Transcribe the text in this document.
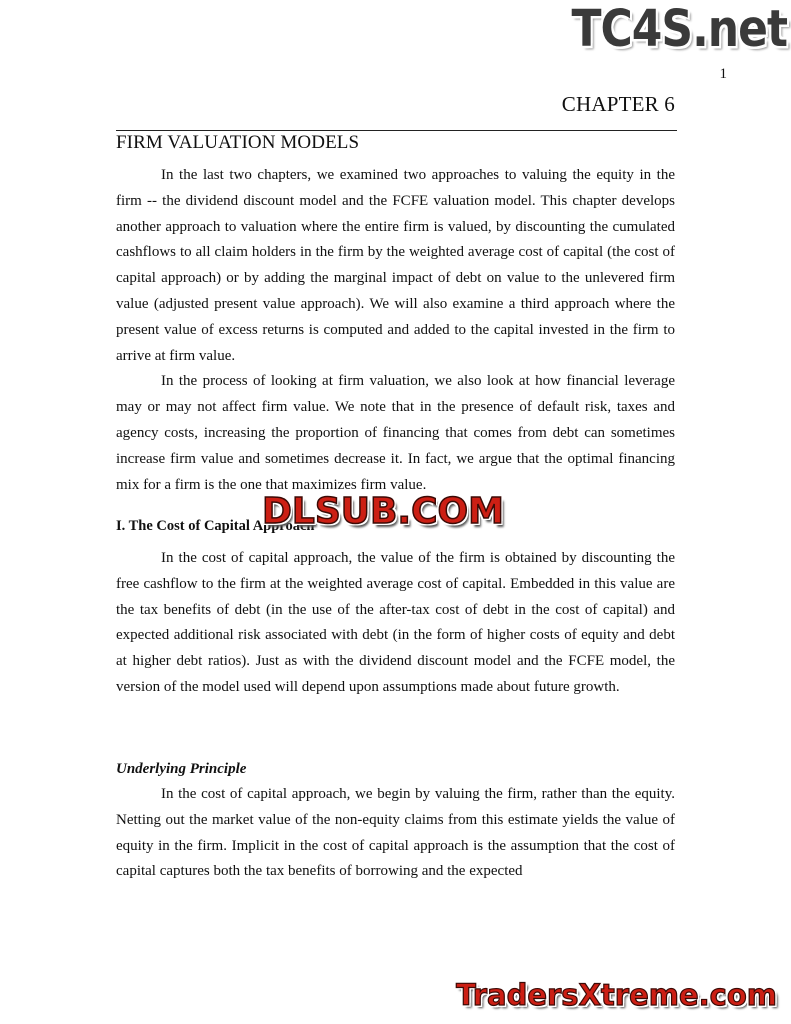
1
CHAPTER 6
FIRM VALUATION MODELS

In the last two chapters, we examined two approaches to valuing the equity in the firm -- the dividend discount model and the FCFE valuation model. This chapter develops another approach to valuation where the entire firm is valued, by discounting the cumulated cashflows to all claim holders in the firm by the weighted average cost of capital (the cost of capital approach) or by adding the marginal impact of debt on value to the unlevered firm value (adjusted present value approach). We will also examine a third approach where the present value of excess returns is computed and added to the capital invested in the firm to arrive at firm value.

In the process of looking at firm valuation, we also look at how financial leverage may or may not affect firm value. We note that in the presence of default risk, taxes and agency costs, increasing the proportion of financing that comes from debt can sometimes increase firm value and sometimes decrease it. In fact, we argue that the optimal financing mix for a firm is the one that maximizes firm value.

I. The Cost of Capital Approach

In the cost of capital approach, the value of the firm is obtained by discounting the free cashflow to the firm at the weighted average cost of capital. Embedded in this value are the tax benefits of debt (in the use of the after-tax cost of debt in the cost of capital) and expected additional risk associated with debt (in the form of higher costs of equity and debt at higher debt ratios). Just as with the dividend discount model and the FCFE model, the version of the model used will depend upon assumptions made about future growth.

Underlying Principle

In the cost of capital approach, we begin by valuing the firm, rather than the equity. Netting out the market value of the non-equity claims from this estimate yields the value of equity in the firm. Implicit in the cost of capital approach is the assumption that the cost of capital captures both the tax benefits of borrowing and the expected

TC4S.net
DLSUB.COM
TradersXtreme.com
